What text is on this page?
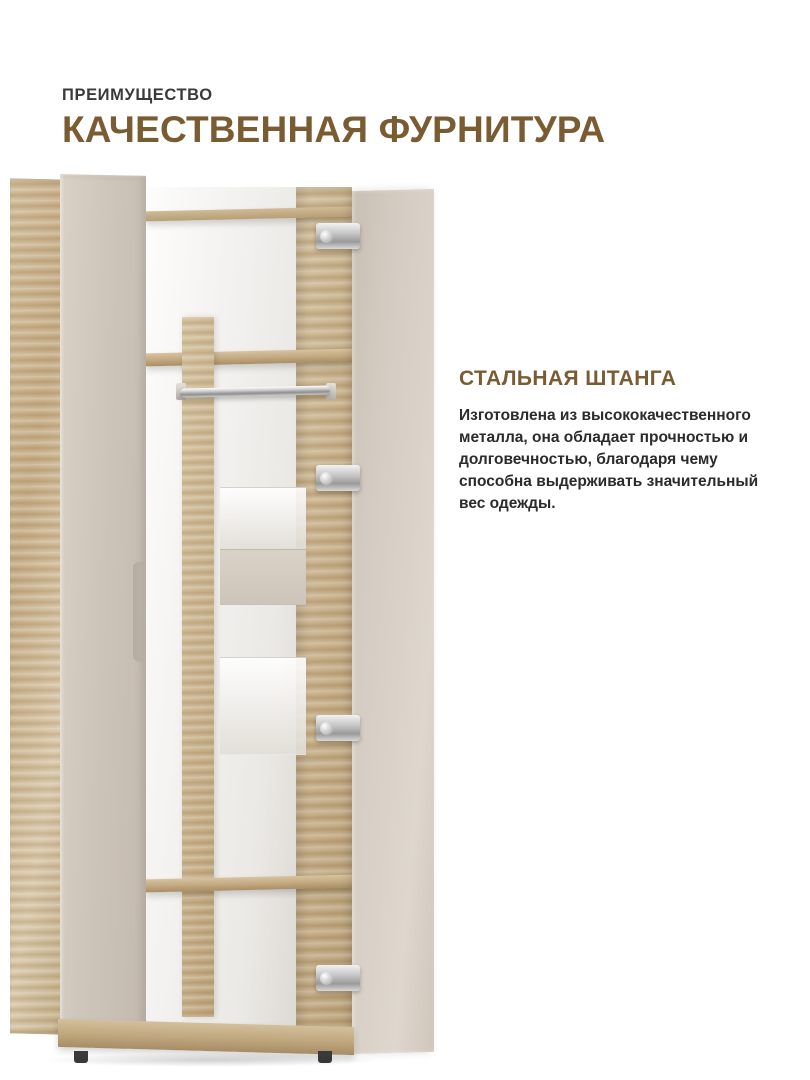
ПРЕИМУЩЕСТВО

КАЧЕСТВЕННАЯ ФУРНИТУРА
СТАЛЬНАЯ ШТАНГА

Изготовлена из высококачественного металла, она обладает прочностью и долговечностью, благодаря чему способна выдерживать значительный вес одежды.
